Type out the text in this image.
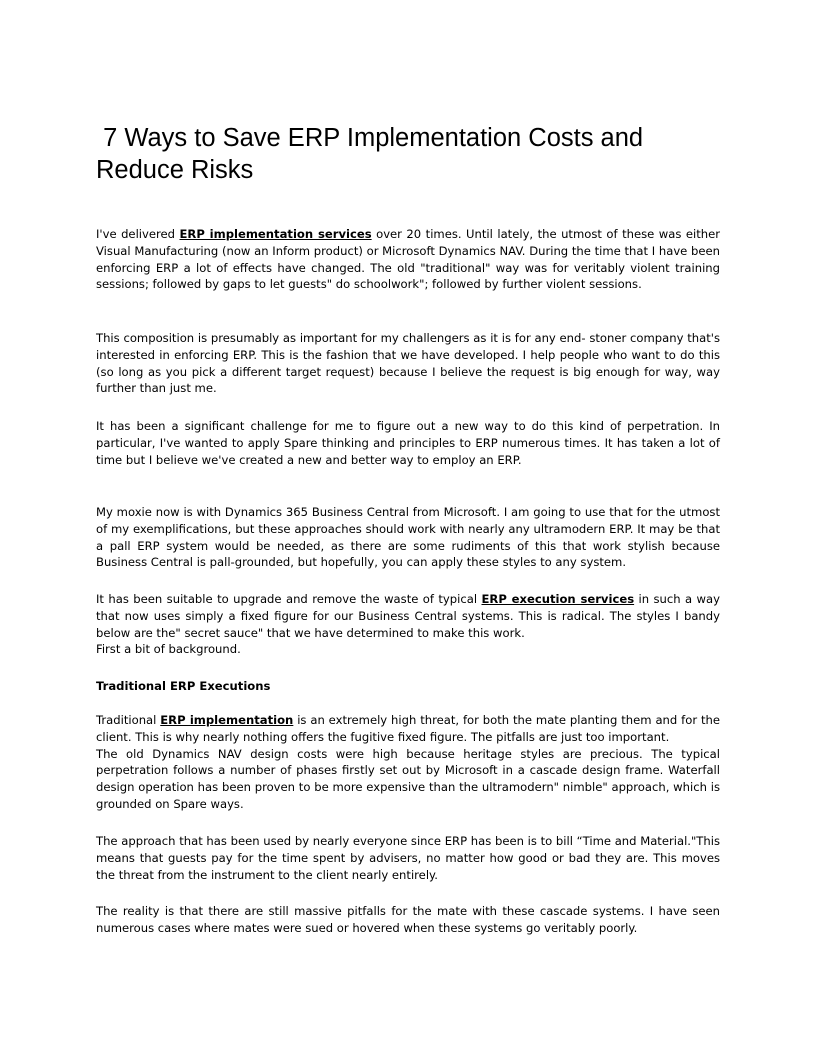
7 Ways to Save ERP Implementation Costs and Reduce Risks

I've delivered ERP implementation services over 20 times. Until lately, the utmost of these was either Visual Manufacturing (now an Inform product) or Microsoft Dynamics NAV. During the time that I have been enforcing ERP a lot of effects have changed. The old "traditional" way was for veritably violent training sessions; followed by gaps to let guests" do schoolwork"; followed by further violent sessions.

This composition is presumably as important for my challengers as it is for any end- stoner company that's interested in enforcing ERP. This is the fashion that we have developed. I help people who want to do this (so long as you pick a different target request) because I believe the request is big enough for way, way further than just me.

It has been a significant challenge for me to figure out a new way to do this kind of perpetration. In particular, I've wanted to apply Spare thinking and principles to ERP numerous times. It has taken a lot of time but I believe we've created a new and better way to employ an ERP.

My moxie now is with Dynamics 365 Business Central from Microsoft. I am going to use that for the utmost of my exemplifications, but these approaches should work with nearly any ultramodern ERP. It may be that a pall ERP system would be needed, as there are some rudiments of this that work stylish because Business Central is pall-grounded, but hopefully, you can apply these styles to any system.

It has been suitable to upgrade and remove the waste of typical ERP execution services in such a way that now uses simply a fixed figure for our Business Central systems. This is radical. The styles I bandy below are the" secret sauce" that we have determined to make this work.
First a bit of background.

Traditional ERP Executions

Traditional ERP implementation is an extremely high threat, for both the mate planting them and for the client. This is why nearly nothing offers the fugitive fixed figure. The pitfalls are just too important.
The old Dynamics NAV design costs were high because heritage styles are precious. The typical perpetration follows a number of phases firstly set out by Microsoft in a cascade design frame. Waterfall design operation has been proven to be more expensive than the ultramodern" nimble" approach, which is grounded on Spare ways.

The approach that has been used by nearly everyone since ERP has been is to bill “Time and Material."This means that guests pay for the time spent by advisers, no matter how good or bad they are. This moves the threat from the instrument to the client nearly entirely.

The reality is that there are still massive pitfalls for the mate with these cascade systems. I have seen numerous cases where mates were sued or hovered when these systems go veritably poorly.
